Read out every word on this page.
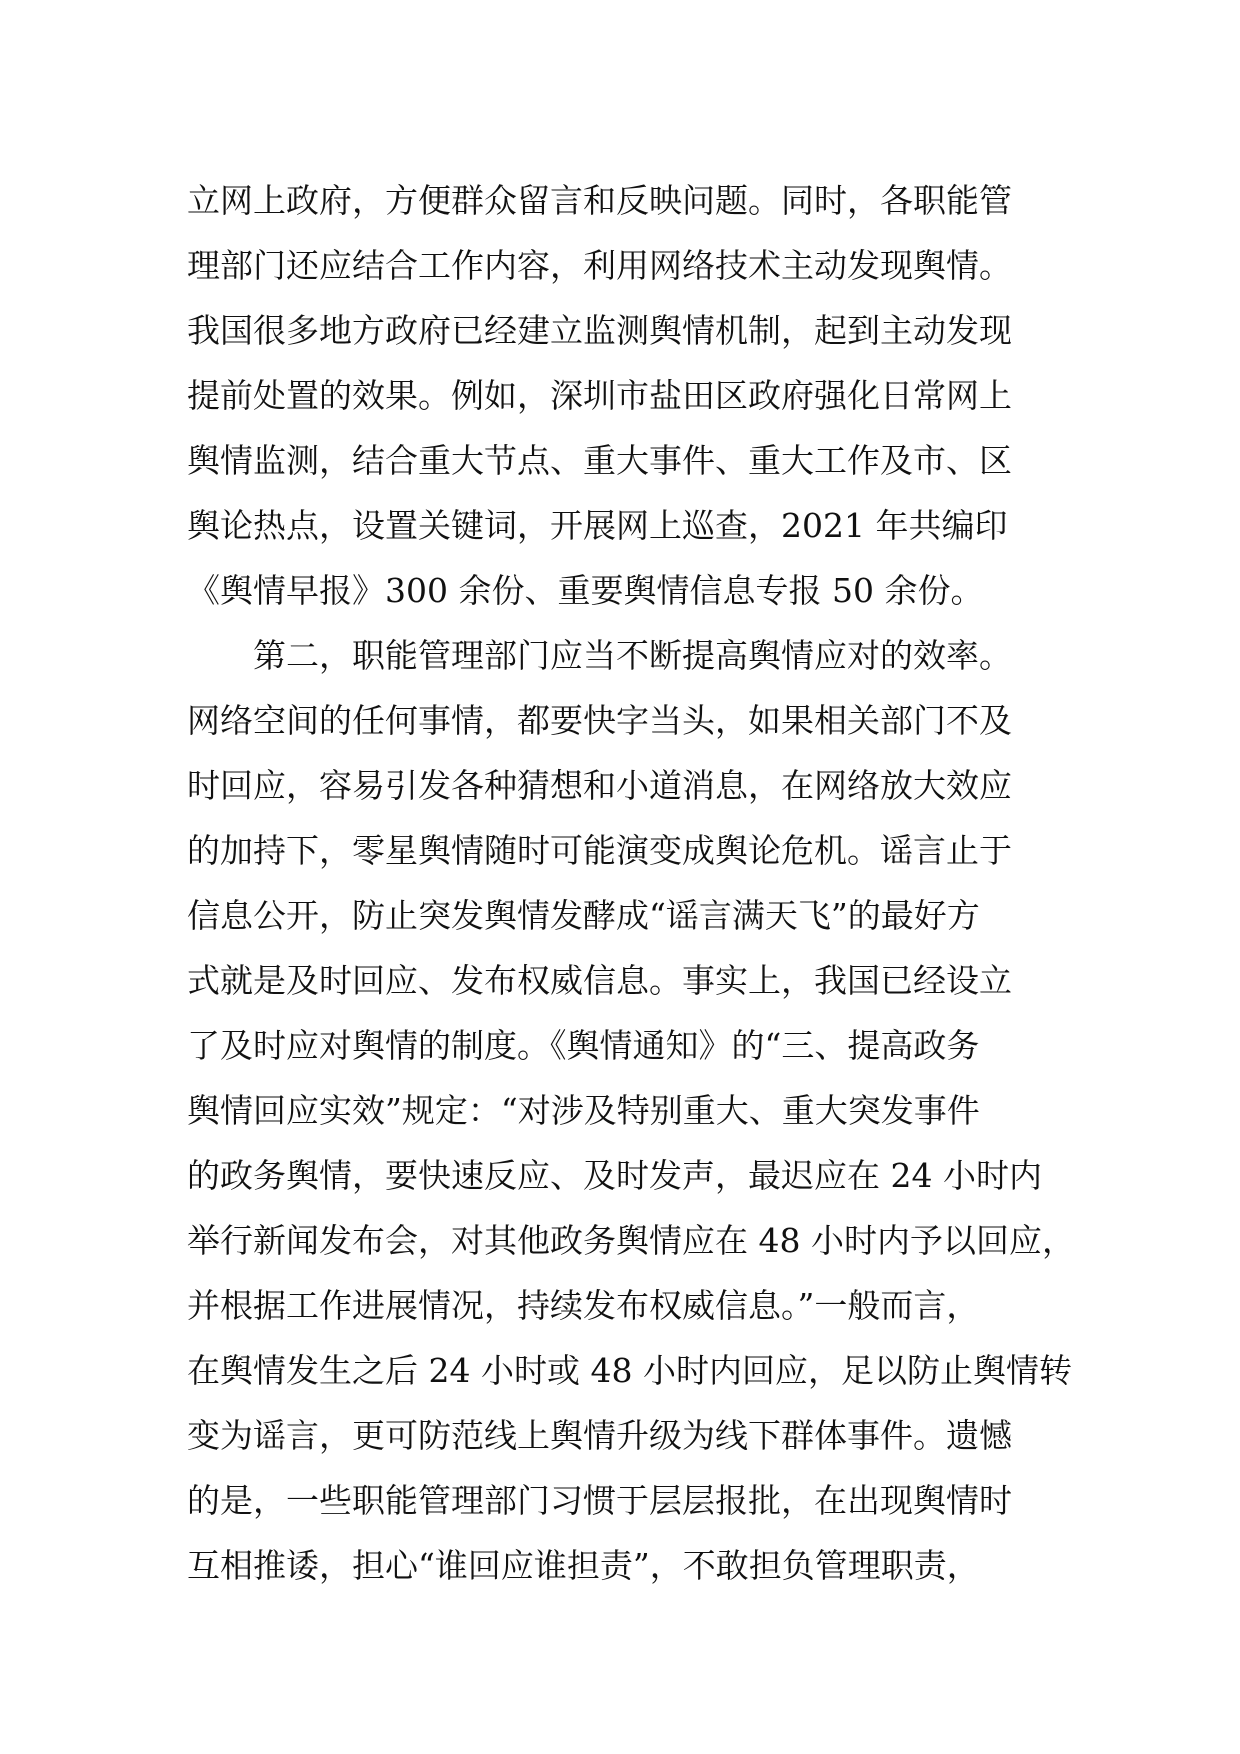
立网上政府，方便群众留言和反映问题。同时，各职能管
理部门还应结合工作内容，利用网络技术主动发现舆情。
我国很多地方政府已经建立监测舆情机制，起到主动发现
提前处置的效果。例如，深圳市盐田区政府强化日常网上
舆情监测，结合重大节点、重大事件、重大工作及市、区
舆论热点，设置关键词，开展网上巡查，2021 年共编印
《舆情早报》300 余份、重要舆情信息专报 50 余份。
第二，职能管理部门应当不断提高舆情应对的效率。
网络空间的任何事情，都要快字当头，如果相关部门不及
时回应，容易引发各种猜想和小道消息，在网络放大效应
的加持下，零星舆情随时可能演变成舆论危机。谣言止于
信息公开，防止突发舆情发酵成“谣言满天飞”的最好方
式就是及时回应、发布权威信息。事实上，我国已经设立
了及时应对舆情的制度。《舆情通知》的“三、提高政务
舆情回应实效”规定：“对涉及特别重大、重大突发事件
的政务舆情，要快速反应、及时发声，最迟应在 24 小时内
举行新闻发布会，对其他政务舆情应在 48 小时内予以回应，
并根据工作进展情况，持续发布权威信息。”一般而言，
在舆情发生之后 24 小时或 48 小时内回应，足以防止舆情转
变为谣言，更可防范线上舆情升级为线下群体事件。遗憾
的是，一些职能管理部门习惯于层层报批，在出现舆情时
互相推诿，担心“谁回应谁担责”，不敢担负管理职责，
